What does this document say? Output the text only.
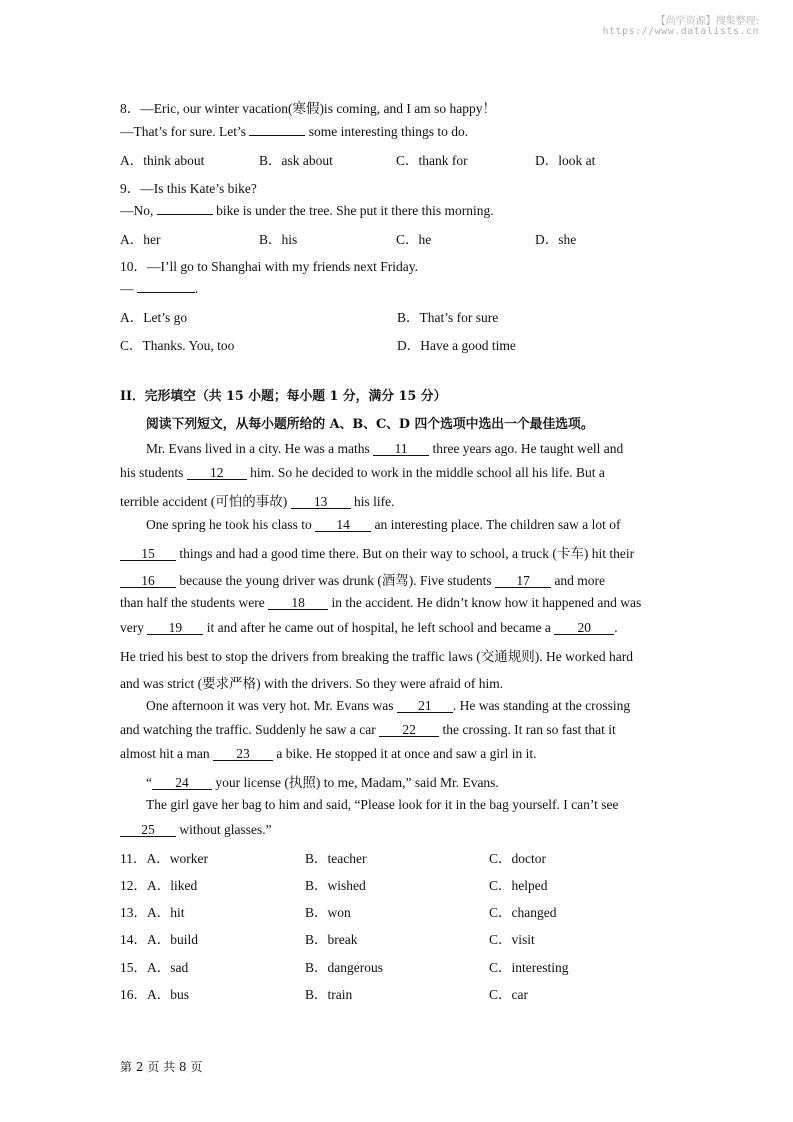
【尚学资源】搜集整理:
https://www.datalists.cn
8．—Eric, our winter vacation(寒假)is coming, and I am so happy！
—That’s for sure. Let’s	some interesting things to do.
A．think about	B．ask about	C．thank for	D．look at
9．—Is this Kate’s bike?
—No,	bike is under the tree. She put it there this morning.
A．her	B．his	C．he	D．she
10．—I’ll go to Shanghai with my friends next Friday.
—	.
A．Let’s go	B．That’s for sure
C．Thanks. You, too	D．Have a good time
II．完形填空（共 15 小题；每小题 1 分，满分 15 分）
阅读下列短文，从每小题所给的 A、B、C、D 四个选项中选出一个最佳选项。
Mr. Evans lived in a city. He was a maths 11 three years ago. He taught well and
his students 12 him. So he decided to work in the middle school all his life. But a
terrible accident (可怕的事故) 13 his life.
One spring he took his class to 14 an interesting place. The children saw a lot of
15 things and had a good time there. But on their way to school, a truck (卡车) hit their
16 because the young driver was drunk (酒驾). Five students 17 and more
than half the students were 18 in the accident. He didn’t know how it happened and was
very 19 it and after he came out of hospital, he left school and became a 20 .
He tried his best to stop the drivers from breaking the traffic laws (交通规则). He worked hard
and was strict (要求严格) with the drivers. So they were afraid of him.
One afternoon it was very hot. Mr. Evans was 21 . He was standing at the crossing
and watching the traffic. Suddenly he saw a car 22 the crossing. It ran so fast that it
almost hit a man 23 a bike. He stopped it at once and saw a girl in it.
“ 24 your license (执照) to me, Madam,” said Mr. Evans.
The girl gave her bag to him and said, “Please look for it in the bag yourself. I can’t see
25 without glasses.”
11．A．worker	B．teacher	C．doctor
12．A．liked	B．wished	C．helped
13．A．hit	B．won	C．changed
14．A．build	B．break	C．visit
15．A．sad	B．dangerous	C．interesting
16．A．bus	B．train	C．car
第 2 页 共 8 页
